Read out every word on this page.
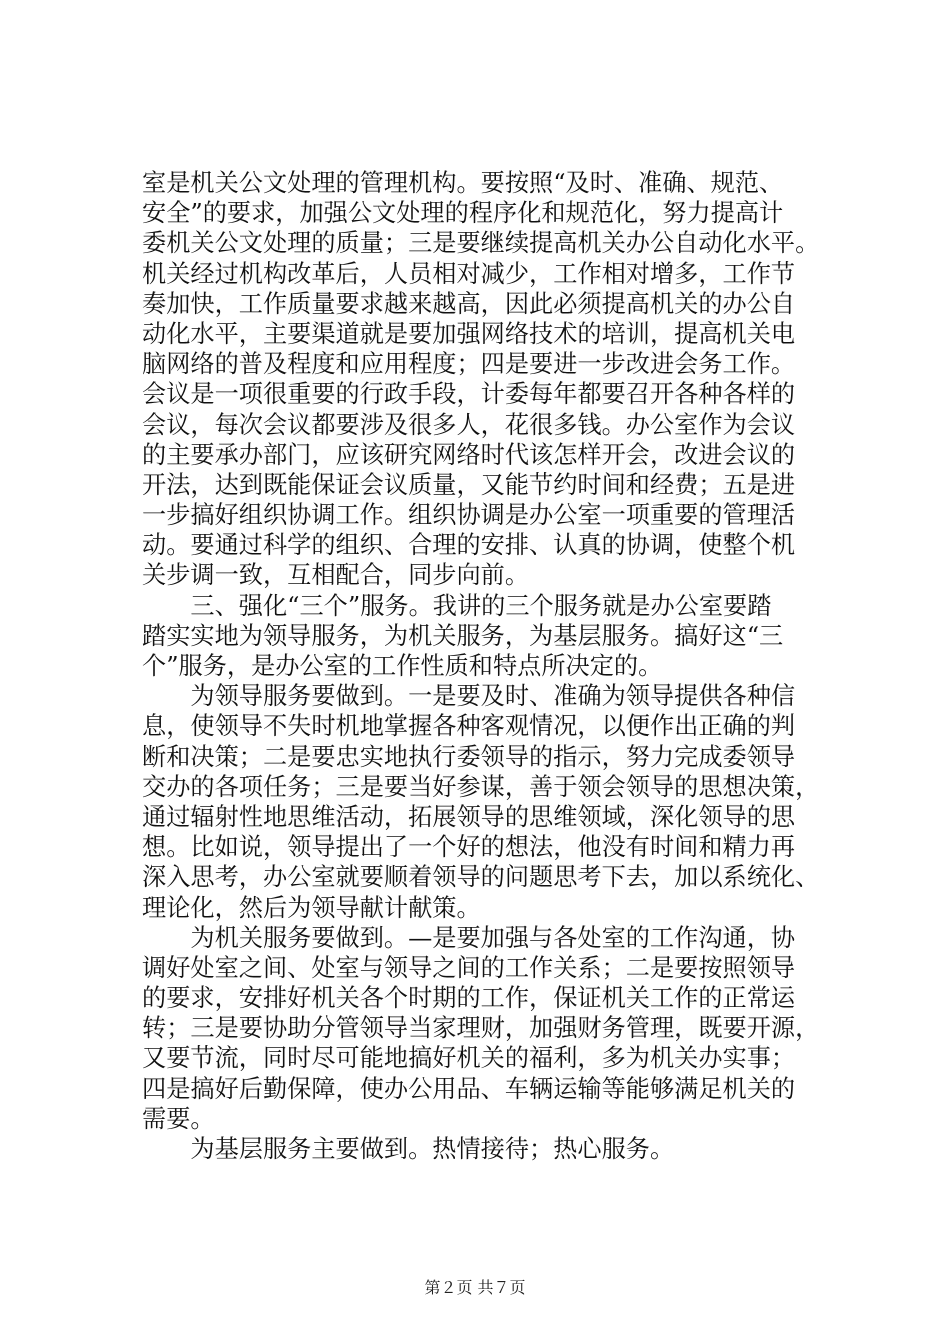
室是机关公文处理的管理机构。要按照“及时、准确、规范、
安全”的要求，加强公文处理的程序化和规范化，努力提高计
委机关公文处理的质量；三是要继续提高机关办公自动化水平。
机关经过机构改革后，人员相对减少，工作相对增多，工作节
奏加快，工作质量要求越来越高，因此必须提高机关的办公自
动化水平，主要渠道就是要加强网络技术的培训，提高机关电
脑网络的普及程度和应用程度；四是要进一步改进会务工作。
会议是一项很重要的行政手段，计委每年都要召开各种各样的
会议，每次会议都要涉及很多人，花很多钱。办公室作为会议
的主要承办部门，应该研究网络时代该怎样开会，改进会议的
开法，达到既能保证会议质量，又能节约时间和经费；五是进
一步搞好组织协调工作。组织协调是办公室一项重要的管理活
动。要通过科学的组织、合理的安排、认真的协调，使整个机
关步调一致，互相配合，同步向前。

　　三、强化“三个”服务。我讲的三个服务就是办公室要踏
踏实实地为领导服务，为机关服务，为基层服务。搞好这“三
个”服务，是办公室的工作性质和特点所决定的。

　　为领导服务要做到。一是要及时、准确为领导提供各种信
息，使领导不失时机地掌握各种客观情况，以便作出正确的判
断和决策；二是要忠实地执行委领导的指示，努力完成委领导
交办的各项任务；三是要当好参谋，善于领会领导的思想决策，
通过辐射性地思维活动，拓展领导的思维领域，深化领导的思
想。比如说，领导提出了一个好的想法，他没有时间和精力再
深入思考，办公室就要顺着领导的问题思考下去，加以系统化、
理论化，然后为领导献计献策。

　　为机关服务要做到。—是要加强与各处室的工作沟通，协
调好处室之间、处室与领导之间的工作关系；二是要按照领导
的要求，安排好机关各个时期的工作，保证机关工作的正常运
转；三是要协助分管领导当家理财，加强财务管理，既要开源，
又要节流，同时尽可能地搞好机关的福利，多为机关办实事；
四是搞好后勤保障，使办公用品、车辆运输等能够满足机关的
需要。

　　为基层服务主要做到。热情接待；热心服务。

第２页 共７页
